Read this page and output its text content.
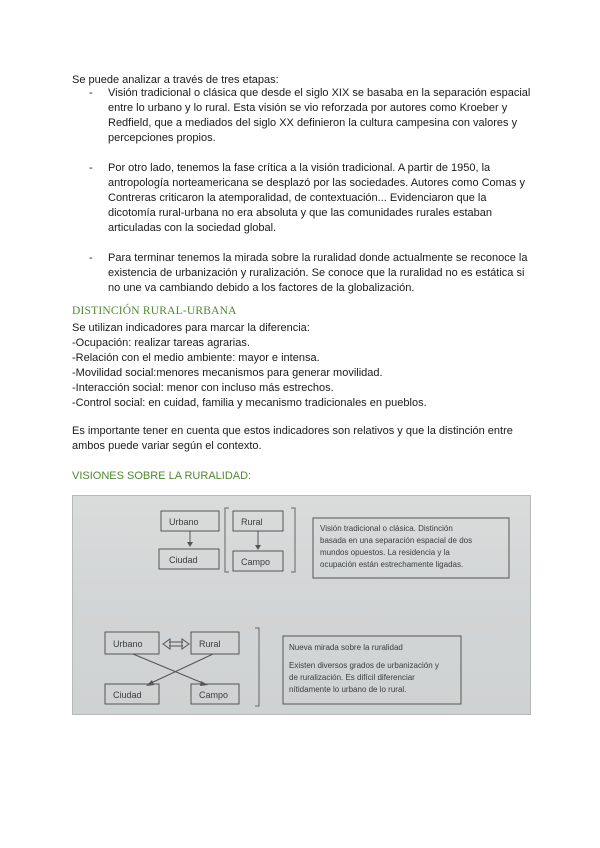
Se puede analizar a través de tres etapas:
- Visión tradicional o clásica que desde el siglo XIX se basaba en la separación espacial entre lo urbano y lo rural. Esta visión se vio reforzada por autores como Kroeber y Redfield, que a mediados del siglo XX definieron la cultura campesina con valores y percepciones propios.
- Por otro lado, tenemos la fase crítica a la visión tradicional. A partir de 1950, la antropología norteamericana se desplazó por las sociedades. Autores como Comas y Contreras criticaron la atemporalidad, de contextuación... Evidenciaron que la dicotomía rural-urbana no era absoluta y que las comunidades rurales estaban articuladas con la sociedad global.
- Para terminar tenemos la mirada sobre la ruralidad donde actualmente se reconoce la existencia de urbanización y ruralización. Se conoce que la ruralidad no es estática si no une va cambiando debido a los factores de la globalización.
DISTINCIÓN RURAL-URBANA
Se utilizan indicadores para marcar la diferencia:
-Ocupación: realizar tareas agrarias.
-Relación con el medio ambiente: mayor e intensa.
-Movilidad social:menores mecanismos para generar movilidad.
-Interacción social: menor con incluso más estrechos.
-Control social: en cuidad, familia y mecanismo tradicionales en pueblos.
Es importante tener en cuenta que estos indicadores son relativos y que la distinción entre ambos puede variar según el contexto.
VISIONES SOBRE LA RURALIDAD:
Urbano
Ciudad
Rural
Campo
Visión tradicional o clásica. Distinción
basada en una separación espacial de dos
mundos opuestos. La residencia y la
ocupación están estrechamente ligadas.
Urbano	Rural
Ciudad	Campo
Nueva mirada sobre la ruralidad
Existen diversos grados de urbanización y
de ruralización. Es difícil diferenciar
nítidamente lo urbano de lo rural.
